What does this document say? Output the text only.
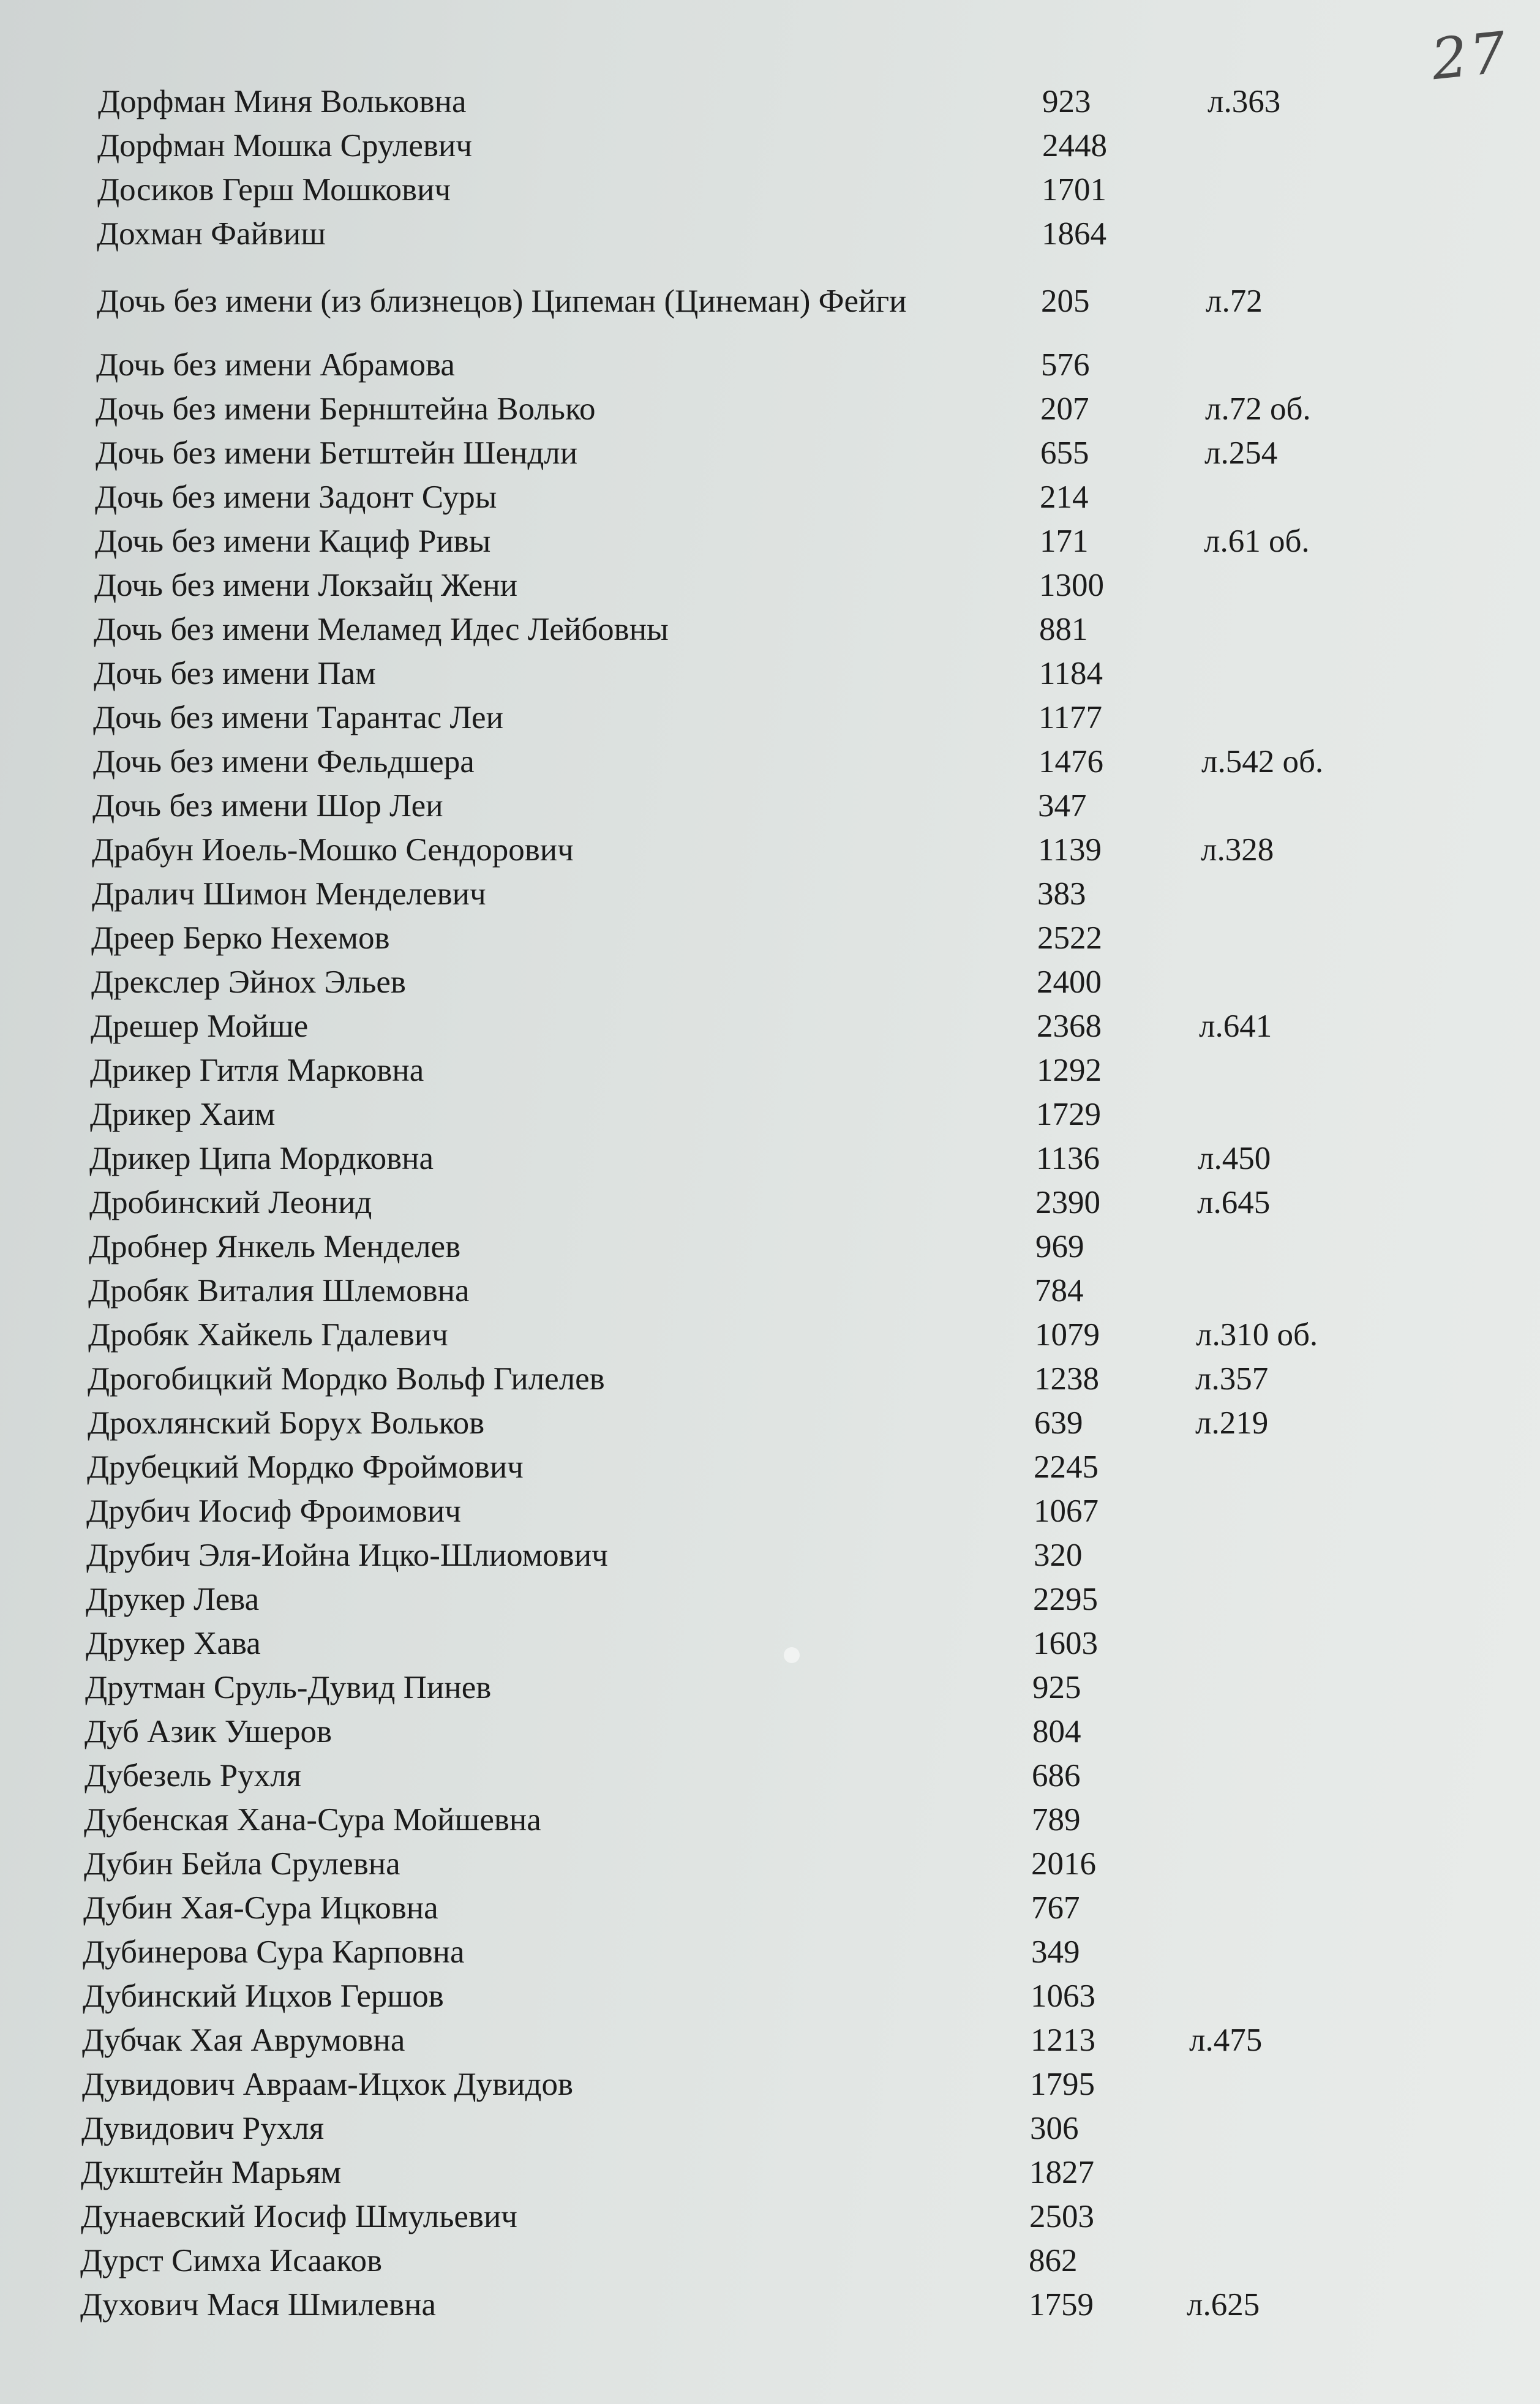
27
Дорфман Миня Вольковна	923	л.363
Дорфман Мошка Срулевич	2448
Досиков Герш Мошкович	1701
Дохман Файвиш	1864
Дочь без имени (из близнецов) Ципеман (Цинеман) Фейги	205	л.72
Дочь без имени Абрамова	576
Дочь без имени Бернштейна Волько	207	л.72 об.
Дочь без имени Бетштейн Шендли	655	л.254
Дочь без имени Задонт Суры	214
Дочь без имени Кациф Ривы	171	л.61 об.
Дочь без имени Локзайц Жени	1300
Дочь без имени Меламед Идес Лейбовны	881
Дочь без имени Пам	1184
Дочь без имени Тарантас Леи	1177
Дочь без имени Фельдшера	1476	л.542 об.
Дочь без имени Шор Леи	347
Драбун Иоель-Мошко Сендорович	1139	л.328
Дралич Шимон Менделевич	383
Дреер Берко Нехемов	2522
Дрекслер Эйнох Эльев	2400
Дрешер Мойше	2368	л.641
Дрикер Гитля Марковна	1292
Дрикер Хаим	1729
Дрикер Ципа Мордковна	1136	л.450
Дробинский Леонид	2390	л.645
Дробнер Янкель Менделев	969
Дробяк Виталия Шлемовна	784
Дробяк Хайкель Гдалевич	1079	л.310 об.
Дрогобицкий Мордко Вольф Гилелев	1238	л.357
Дрохлянский Борух Вольков	639	л.219
Друбецкий Мордко Фроймович	2245
Друбич Иосиф Фроимович	1067
Друбич Эля-Иойна Ицко-Шлиомович	320
Друкер Лева	2295
Друкер Хава	1603
Друтман Сруль-Дувид Пинев	925
Дуб Азик Ушеров	804
Дубезель Рухля	686
Дубенская Хана-Сура Мойшевна	789
Дубин Бейла Срулевна	2016
Дубин Хая-Сура Ицковна	767
Дубинерова Сура Карповна	349
Дубинский Ицхов Гершов	1063
Дубчак Хая Аврумовна	1213	л.475
Дувидович Авраам-Ицхок Дувидов	1795
Дувидович Рухля	306
Дукштейн Марьям	1827
Дунаевский Иосиф Шмульевич	2503
Дурст Симха Исааков	862
Духович Мася Шмилевна	1759	л.625
